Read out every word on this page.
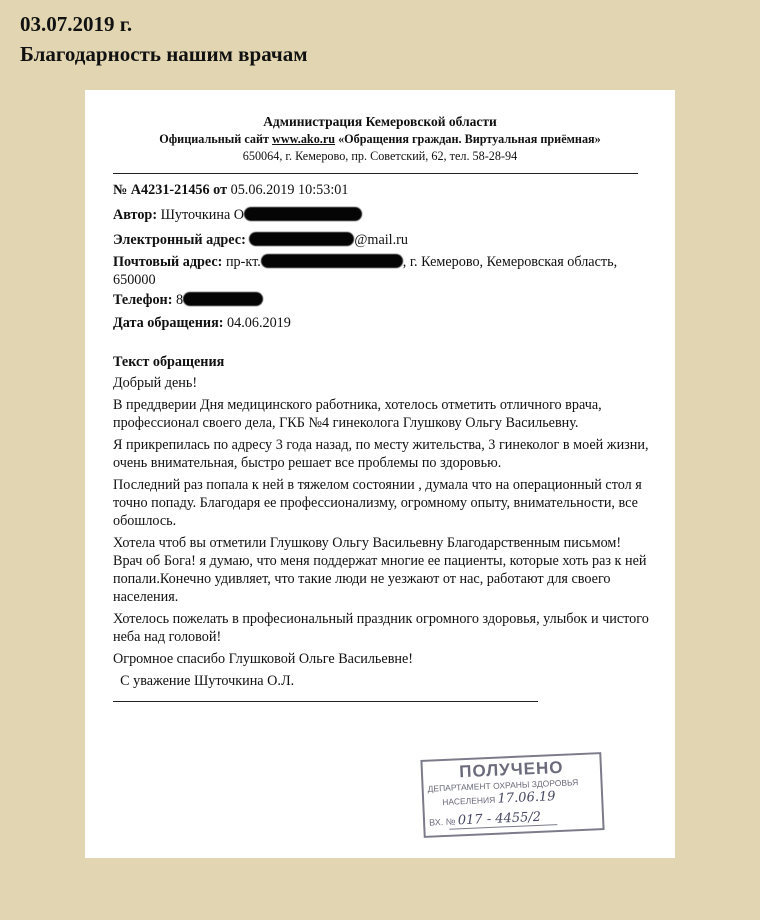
03.07.2019 г.
Благодарность нашим врачам
Администрация Кемеровской области
Официальный сайт www.ako.ru «Обращения граждан. Виртуальная приёмная»
650064, г. Кемерово, пр. Советский, 62, тел. 58-28-94
№ А4231-21456 от 05.06.2019 10:53:01
Автор: Шуточкина О
Электронный адрес:	@mail.ru
Почтовый адрес: пр-кт.	, г. Кемерово, Кемеровская область,
650000
Телефон: 8
Дата обращения: 04.06.2019
Текст обращения
Добрый день!
В преддверии Дня медицинского работника, хотелось отметить отличного врача,
профессионал своего дела, ГКБ №4 гинеколога Глушкову Ольгу Васильевну.
Я прикрепилась по адресу 3 года назад, по месту жительства, 3 гинеколог в моей жизни,
очень внимательная, быстро решает все проблемы по здоровью.
Последний раз попала к ней в тяжелом состоянии , думала что на операционный стол я
точно попаду. Благодаря ее профессионализму, огромному опыту, внимательности, все
обошлось.
Хотела чтоб вы отметили Глушкову Ольгу Васильевну Благодарственным письмом!
Врач об Бога! я думаю, что меня поддержат многие ее пациенты, которые хоть раз к ней
попали.Конечно удивляет, что такие люди не уезжают от нас, работают для своего
населения.
Хотелось пожелать в професиональный праздник огромного здоровья, улыбок и чистого
неба над головой!
Огромное спасибо Глушковой Ольге Васильевне!
С уважение Шуточкина О.Л.
ПОЛУЧЕНО
ДЕПАРТАМЕНТ ОХРАНЫ ЗДОРОВЬЯ
НАСЕЛЕНИЯ 17.06.19
ВХ. № 017 - 4455/2
